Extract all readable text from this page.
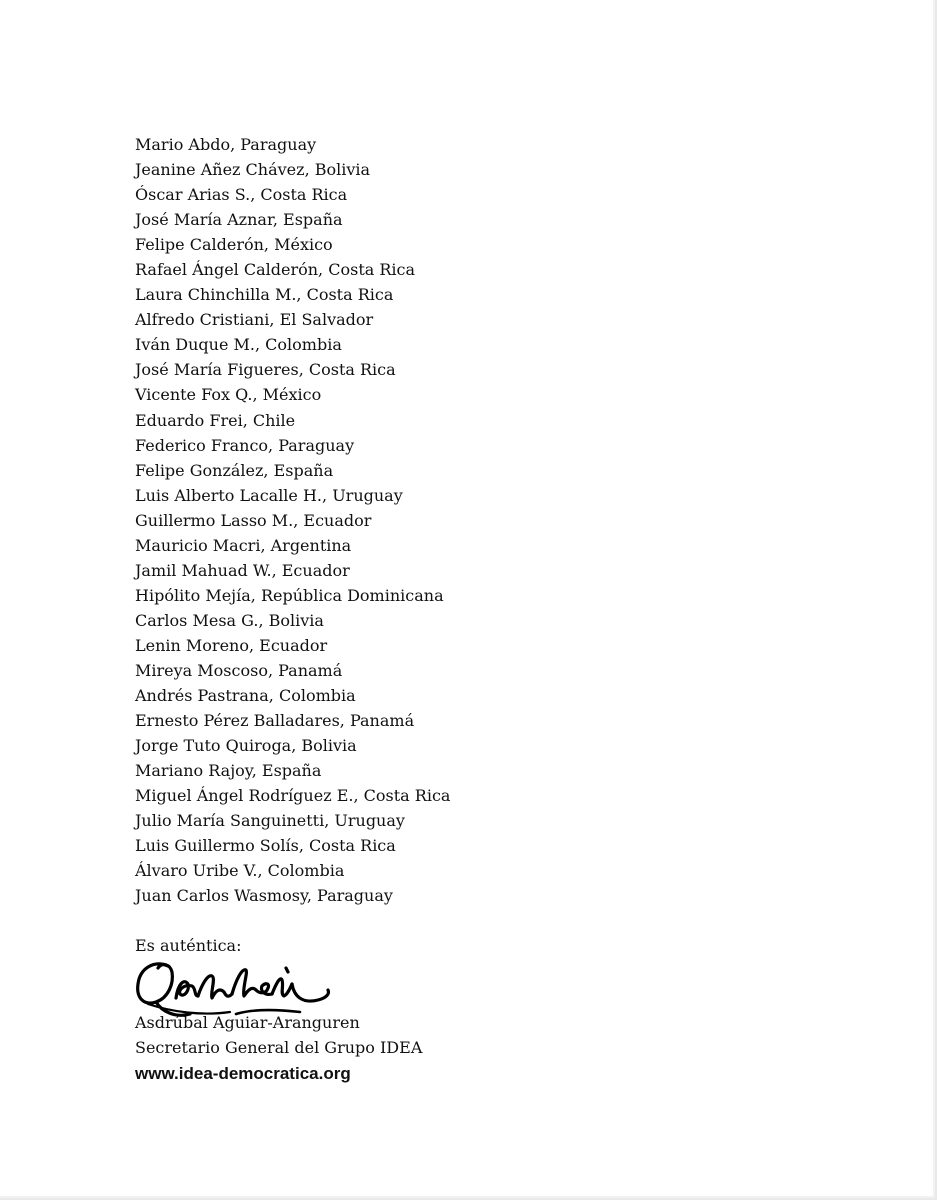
Mario Abdo, Paraguay
Jeanine Añez Chávez, Bolivia
Óscar Arias S., Costa Rica
José María Aznar, España
Felipe Calderón, México
Rafael Ángel Calderón, Costa Rica
Laura Chinchilla M., Costa Rica
Alfredo Cristiani, El Salvador
Iván Duque M., Colombia
José María Figueres, Costa Rica
Vicente Fox Q., México
Eduardo Frei, Chile
Federico Franco, Paraguay
Felipe González, España
Luis Alberto Lacalle H., Uruguay
Guillermo Lasso M., Ecuador
Mauricio Macri, Argentina
Jamil Mahuad W., Ecuador
Hipólito Mejía, República Dominicana
Carlos Mesa G., Bolivia
Lenin Moreno, Ecuador
Mireya Moscoso, Panamá
Andrés Pastrana, Colombia
Ernesto Pérez Balladares, Panamá
Jorge Tuto Quiroga, Bolivia
Mariano Rajoy, España
Miguel Ángel Rodríguez E., Costa Rica
Julio María Sanguinetti, Uruguay
Luis Guillermo Solís, Costa Rica
Álvaro Uribe V., Colombia
Juan Carlos Wasmosy, Paraguay
Es auténtica:
Asdrúbal Aguiar-Aranguren
Secretario General del Grupo IDEA
www.idea-democratica.org
